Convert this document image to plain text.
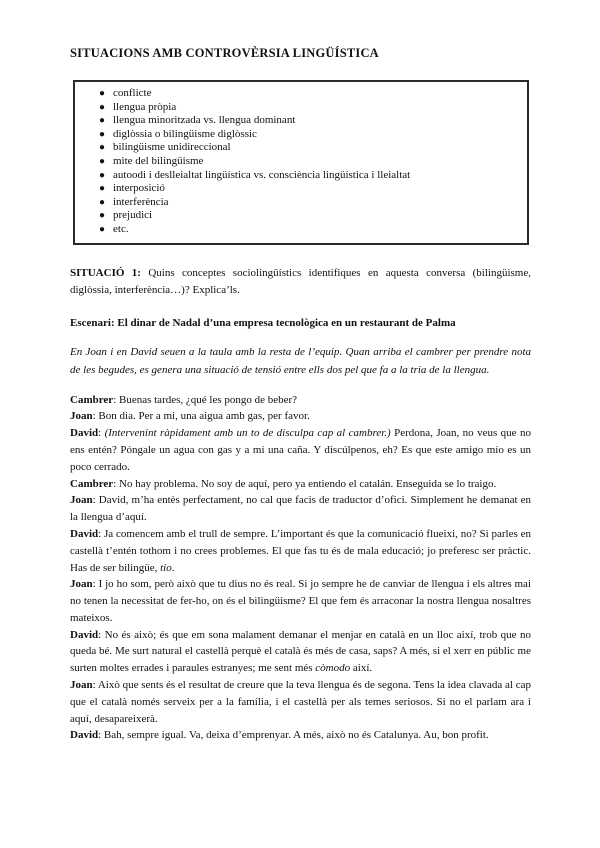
SITUACIONS AMB CONTROVÈRSIA LINGÜÍSTICA
● conflicte
● llengua pròpia
● llengua minoritzada vs. llengua dominant
● diglòssia o bilingüisme diglòssic
● bilingüisme unidireccional
● mite del bilingüisme
● autoodi i deslleialtat lingüística vs. consciència lingüística i lleialtat
● interposició
● interferència
● prejudici
● etc.

SITUACIÓ 1: Quins conceptes sociolingüístics identifiques en aquesta conversa (bilingüisme, diglòssia, interferència…)? Explica’ls.

Escenari: El dinar de Nadal d’una empresa tecnològica en un restaurant de Palma

En Joan i en David seuen a la taula amb la resta de l’equip. Quan arriba el cambrer per prendre nota de les begudes, es genera una situació de tensió entre ells dos pel que fa a la tria de la llengua.

Cambrer: Buenas tardes, ¿qué les pongo de beber?

Joan: Bon dia. Per a mi, una aigua amb gas, per favor.

David: (Intervenint ràpidament amb un to de disculpa cap al cambrer.) Perdona, Joan, no veus que no ens entén? Póngale un agua con gas y a mí una caña. Y discúlpenos, eh? Es que este amigo mío es un poco cerrado.

Cambrer: No hay problema. No soy de aquí, pero ya entiendo el catalán. Enseguida se lo traigo.

Joan: David, m’ha entès perfectament, no cal que facis de traductor d’ofici. Simplement he demanat en la llengua d’aquí.

David: Ja comencem amb el trull de sempre. L’important és que la comunicació flueixi, no? Si parles en castellà t’entén tothom i no crees problemes. El que fas tu és de mala educació; jo preferesc ser pràctic. Has de ser bilingüe, tio.

Joan: I jo ho som, però això que tu dius no és real. Si jo sempre he de canviar de llengua i els altres mai no tenen la necessitat de fer-ho, on és el bilingüisme? El que fem és arraconar la nostra llengua nosaltres mateixos.

David: No és això; és que em sona malament demanar el menjar en català en un lloc així, trob que no queda bé. Me surt natural el castellà perquè el català és més de casa, saps? A més, si el xerr en públic me surten moltes errades i paraules estranyes; me sent més còmodo així.

Joan: Això que sents és el resultat de creure que la teva llengua és de segona. Tens la idea clavada al cap que el català només serveix per a la família, i el castellà per als temes seriosos. Si no el parlam ara i aquí, desapareixerà.

David: Bah, sempre igual. Va, deixa d’emprenyar. A més, això no és Catalunya. Au, bon profit.
